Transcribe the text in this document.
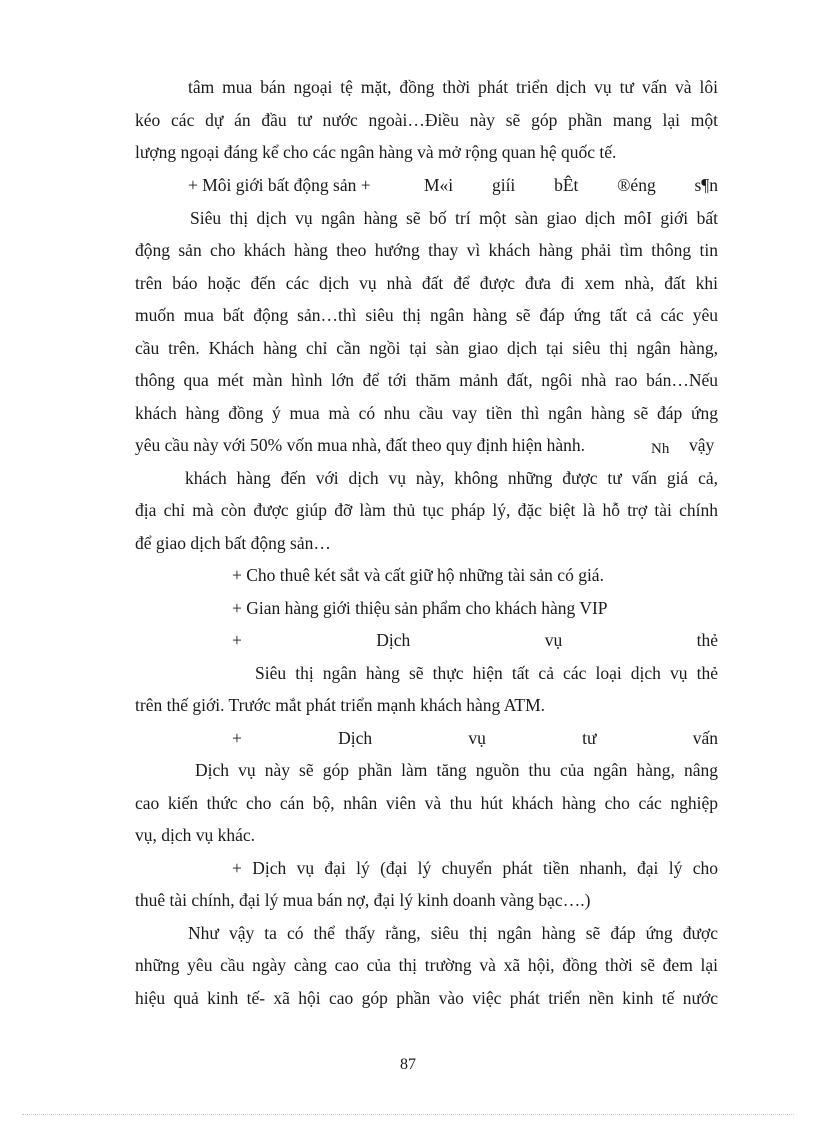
tâm mua bán ngoại tệ mặt, đồng thời phát triển dịch vụ tư vấn và lôi
kéo các dự án đầu tư nước ngoài…Điều này sẽ góp phần mang lại một
lượng ngoại đáng kể cho các ngân hàng và mở rộng quan hệ quốc tế.
+ Môi giới bất động sản +	M«i giíi bÊt ®éng s¶n
Siêu thị dịch vụ ngân hàng sẽ bố trí một sàn giao dịch môI giới bất
động sản cho khách hàng theo hướng thay vì khách hàng phải tìm thông tin
trên báo hoặc đến các dịch vụ nhà đất để được đưa đi xem nhà, đất khi
muốn mua bất động sản…thì siêu thị ngân hàng sẽ đáp ứng tất cả các yêu
cầu trên. Khách hàng chỉ cần ngồi tại sàn giao dịch tại siêu thị ngân hàng,
thông qua mét màn hình lớn để tới thăm mảnh đất, ngôi nhà rao bán…Nếu
khách hàng đồng ý mua mà có nhu cầu vay tiền thì ngân hàng sẽ đáp ứng
yêu cầu này với 50% vốn mua nhà, đất theo quy định hiện hành.	Nh	vậy
khách hàng đến với dịch vụ này, không những được tư vấn giá cả,
địa chỉ mà còn được giúp đỡ làm thủ tục pháp lý, đặc biệt là hỗ trợ tài chính
để giao dịch bất động sản…
+ Cho thuê két sắt và cất giữ hộ những tài sản có giá.
+ Gian hàng giới thiệu sản phẩm cho khách hàng VIP
+	Dịch	vụ	thẻ
Siêu thị ngân hàng sẽ thực hiện tất cả các loại dịch vụ thẻ
trên thế giới. Trước mắt phát triển mạnh khách hàng ATM.
+	Dịch	vụ	tư	vấn
Dịch vụ này sẽ góp phần làm tăng nguồn thu của ngân hàng, nâng
cao kiến thức cho cán bộ, nhân viên và thu hút khách hàng cho các nghiệp
vụ, dịch vụ khác.
+ Dịch vụ đại lý (đại lý chuyển phát tiền nhanh, đại lý cho
thuê tài chính, đại lý mua bán nợ, đại lý kinh doanh vàng bạc….)
Như vậy ta có thể thấy rằng, siêu thị ngân hàng sẽ đáp ứng được
những yêu cầu ngày càng cao của thị trường và xã hội, đồng thời sẽ đem lại
hiệu quả kinh tế- xã hội cao góp phần vào việc phát triển nền kinh tế nước
87
